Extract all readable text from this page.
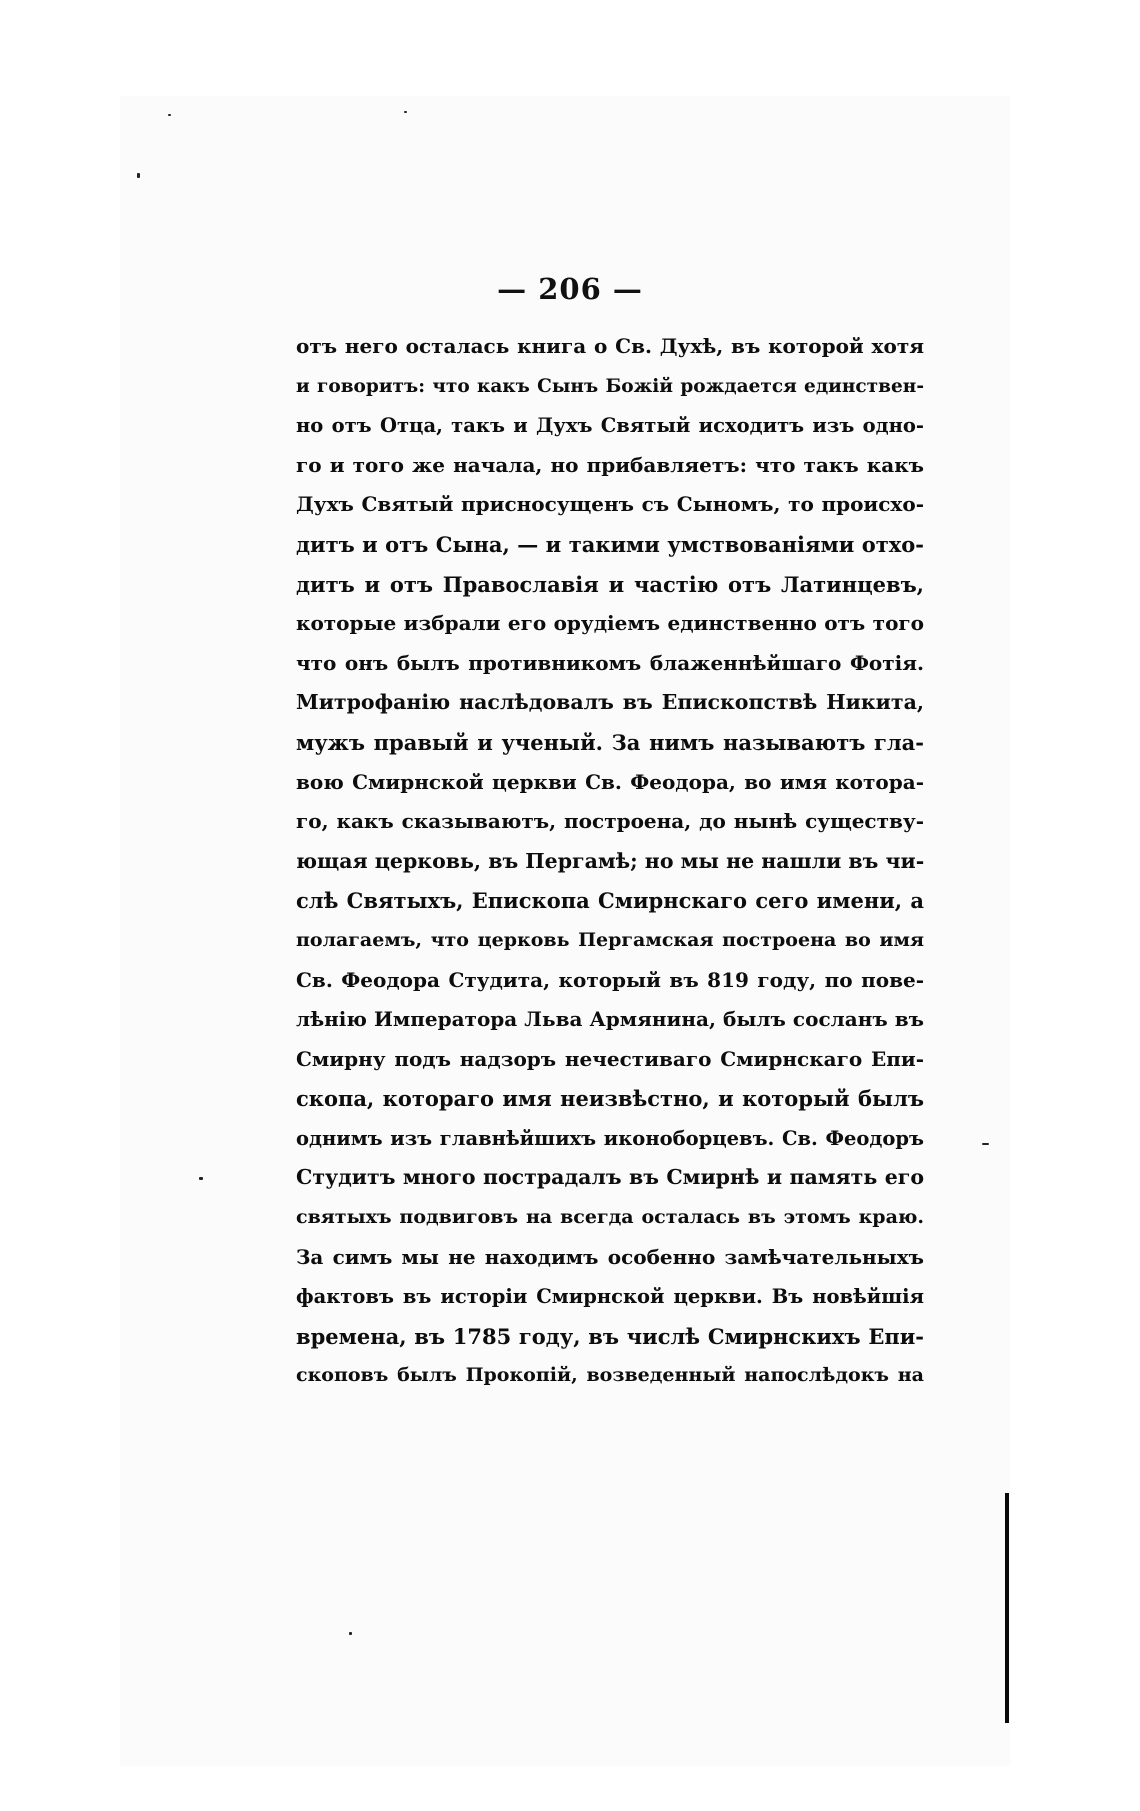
— 206 —
отъ него осталась книга о Св. Духѣ, въ которой хотя
и говоритъ: что какъ Сынъ Божій рождается единствен-
но отъ Отца, такъ и Духъ Святый исходитъ изъ одно-
го и того же начала, но прибавляетъ: что такъ какъ
Духъ Святый присносущенъ съ Сыномъ, то происхо-
дитъ и отъ Сына, — и такими умствованіями отхо-
дитъ и отъ Православія и частію отъ Латинцевъ,
которые избрали его орудіемъ единственно отъ того
что онъ былъ противникомъ блаженнѣйшаго Фотія.
Митрофанію наслѣдовалъ въ Епископствѣ Никита,
мужъ правый и ученый. За нимъ называютъ гла-
вою Смирнской церкви Св. Феодора, во имя котора-
го, какъ сказываютъ, построена, до нынѣ существу-
ющая церковь, въ Пергамѣ; но мы не нашли въ чи-
слѣ Святыхъ, Епископа Смирнскаго сего имени, а
полагаемъ, что церковь Пергамская построена во имя
Св. Феодора Студита, который въ 819 году, по пове-
лѣнію Императора Льва Армянина, былъ сосланъ въ
Смирну подъ надзоръ нечестиваго Смирнскаго Епи-
скопа, котораго имя неизвѣстно, и который былъ
однимъ изъ главнѣйшихъ иконоборцевъ. Св. Феодоръ
Студитъ много пострадалъ въ Смирнѣ и память его
святыхъ подвиговъ на всегда осталась въ этомъ краю.
За симъ мы не находимъ особенно замѣчательныхъ
фактовъ въ исторіи Смирнской церкви. Въ новѣйшія
времена, въ 1785 году, въ числѣ Смирнскихъ Епи-
скоповъ былъ Прокопій, возведенный напослѣдокъ на
